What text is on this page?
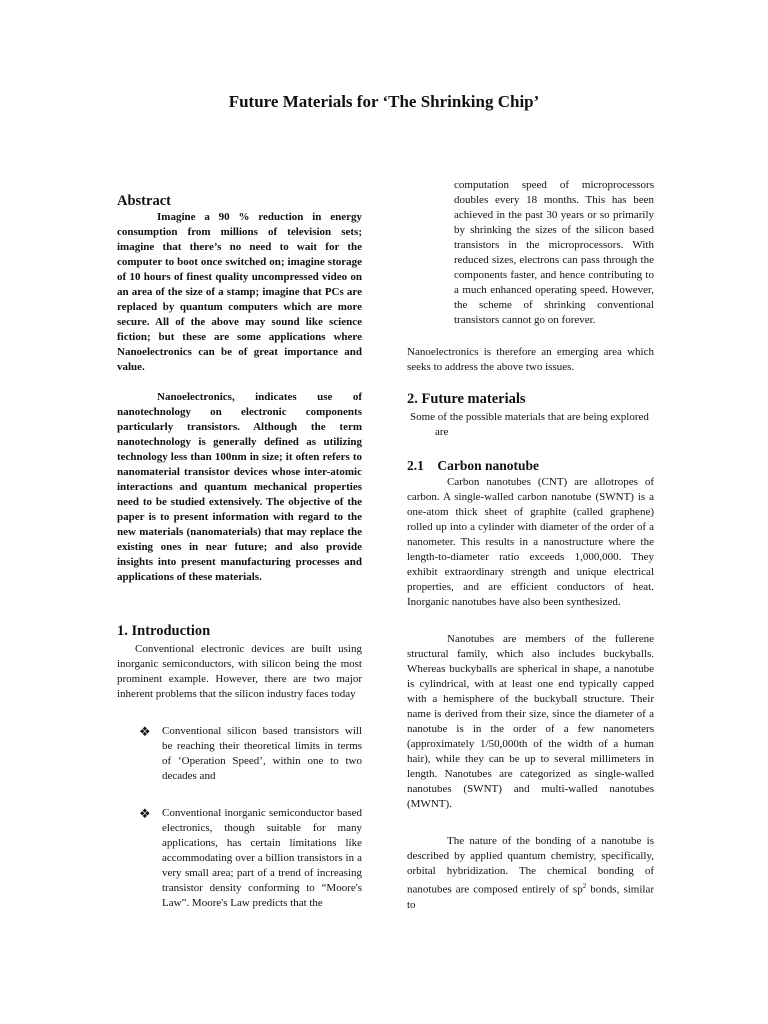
Future Materials for ‘The Shrinking Chip’
Abstract

Imagine a 90 % reduction in energy consumption from millions of television sets; imagine that there’s no need to wait for the computer to boot once switched on; imagine storage of 10 hours of finest quality uncompressed video on an area of the size of a stamp; imagine that PCs are replaced by quantum computers which are more secure. All of the above may sound like science fiction; but these are some applications where Nanoelectronics can be of great importance and value.

Nanoelectronics, indicates use of nanotechnology on electronic components particularly transistors. Although the term nanotechnology is generally defined as utilizing technology less than 100nm in size; it often refers to nanomaterial transistor devices whose inter-atomic interactions and quantum mechanical properties need to be studied extensively. The objective of the paper is to present information with regard to the new materials (nanomaterials) that may replace the existing ones in near future; and also provide insights into present manufacturing processes and applications of these materials.

1. Introduction

Conventional electronic devices are built using inorganic semiconductors, with silicon being the most prominent example. However, there are two major inherent problems that the silicon industry faces today

❖ Conventional silicon based transistors will be reaching their theoretical limits in terms of ‘Operation Speed’, within one to two decades and
❖ Conventional inorganic semiconductor based electronics, though suitable for many applications, has certain limitations like accommodating over a billion transistors in a very small area; part of a trend of increasing transistor density conforming to “Moore's Law”. Moore's Law predicts that the

computation speed of microprocessors doubles every 18 months. This has been achieved in the past 30 years or so primarily by shrinking the sizes of the silicon based transistors in the microprocessors. With reduced sizes, electrons can pass through the components faster, and hence contributing to a much enhanced operating speed. However, the scheme of shrinking conventional transistors cannot go on forever.

Nanoelectronics is therefore an emerging area which seeks to address the above two issues.

2. Future materials

Some of the possible materials that are being explored are

2.1    Carbon nanotube

Carbon nanotubes (CNT) are allotropes of carbon. A single-walled carbon nanotube (SWNT) is a one-atom thick sheet of graphite (called graphene) rolled up into a cylinder with diameter of the order of a nanometer. This results in a nanostructure where the length-to-diameter ratio exceeds 1,000,000. They exhibit extraordinary strength and unique electrical properties, and are efficient conductors of heat. Inorganic nanotubes have also been synthesized.

Nanotubes are members of the fullerene structural family, which also includes buckyballs. Whereas buckyballs are spherical in shape, a nanotube is cylindrical, with at least one end typically capped with a hemisphere of the buckyball structure. Their name is derived from their size, since the diameter of a nanotube is in the order of a few nanometers (approximately 1/50,000th of the width of a human hair), while they can be up to several millimeters in length. Nanotubes are categorized as single-walled nanotubes (SWNT) and multi-walled nanotubes (MWNT).

The nature of the bonding of a nanotube is described by applied quantum chemistry, specifically, orbital hybridization. The chemical bonding of nanotubes are composed entirely of $sp^2$ bonds, similar to
